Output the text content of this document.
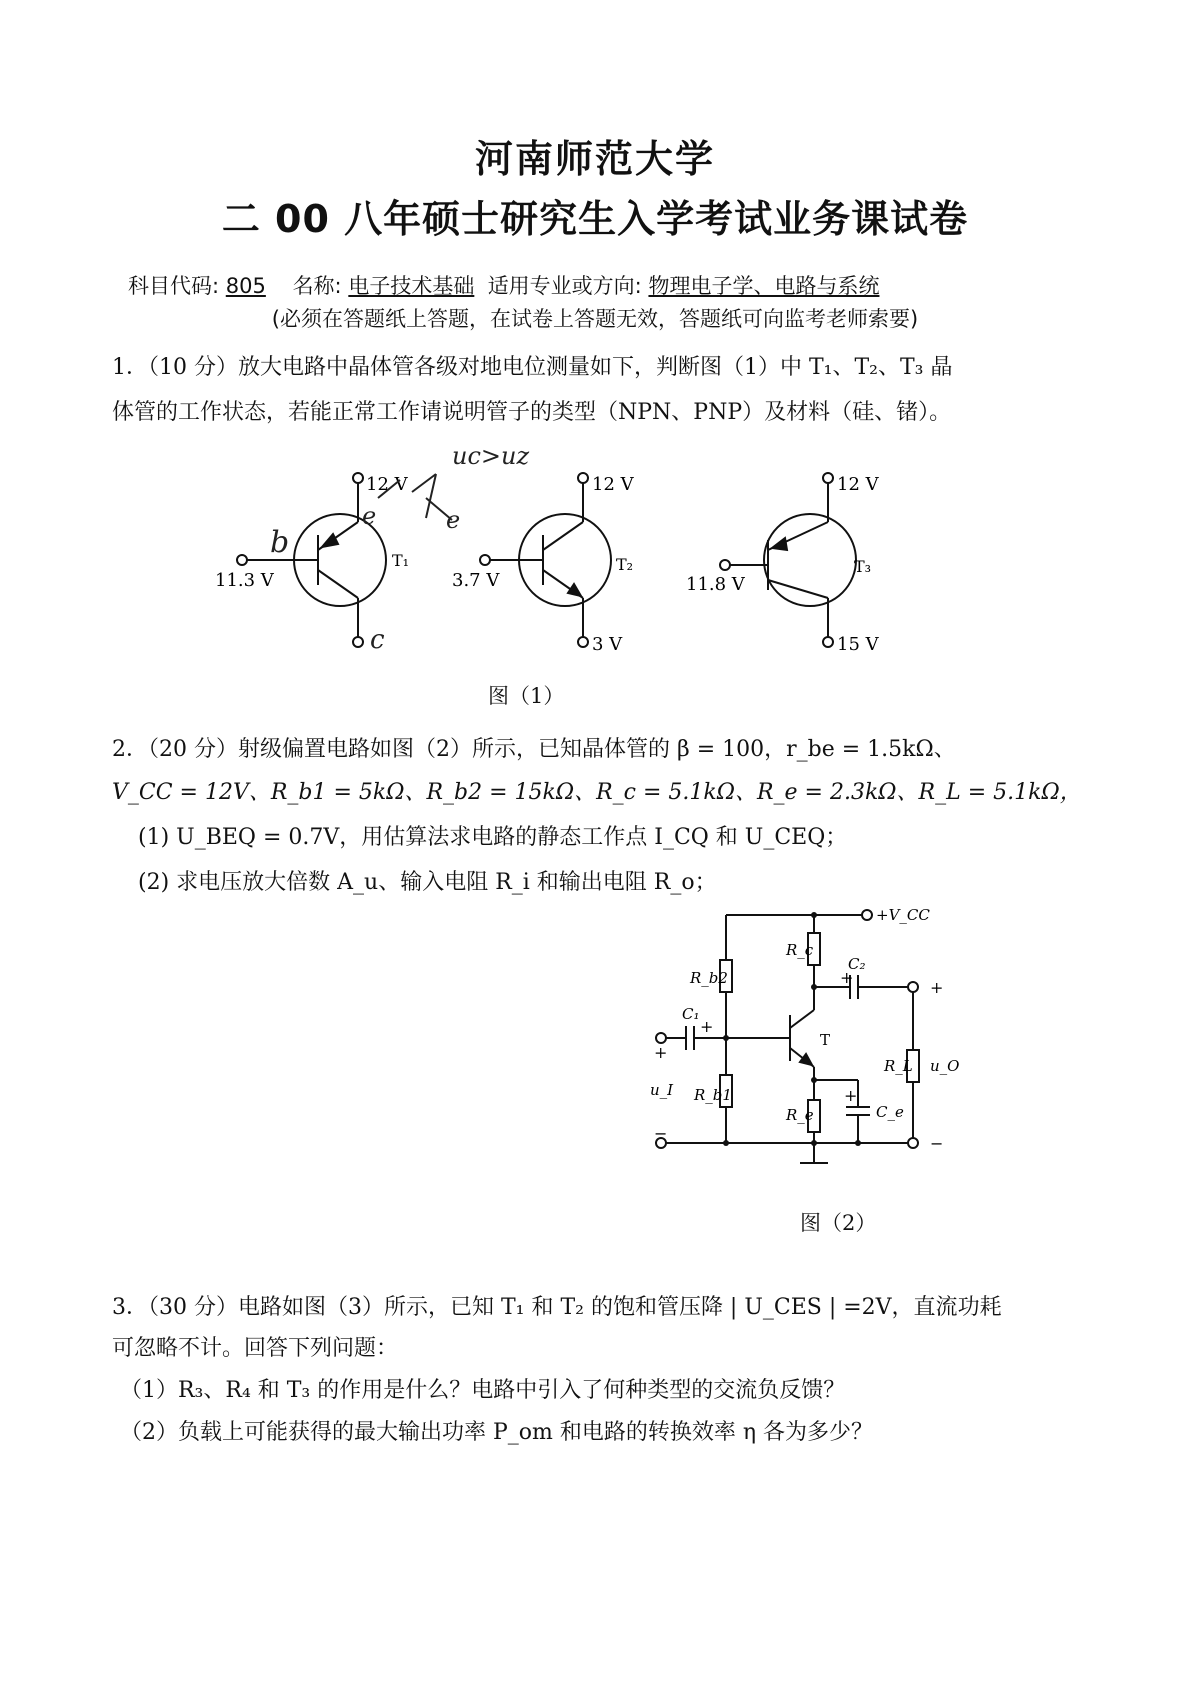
河南师范大学
二 00 八年硕士研究生入学考试业务课试卷
科目代码: 805 名称: 电子技术基础 适用专业或方向: 物理电子学、电路与系统
(必须在答题纸上答题，在试卷上答题无效，答题纸可向监考老师索要)
1．（10 分）放大电路中晶体管各级对地电位测量如下，判断图（1）中 T₁、T₂、T₃ 晶
体管的工作状态，若能正常工作请说明管子的类型（NPN、PNP）及材料（硅、锗）。
12 V
11.3 V
T₁
12 V
3.7 V
3 V
T₂
12 V
11.8 V
15 V
T₃
uc>uz
b
e
c
e
图（1）
2．（20 分）射级偏置电路如图（2）所示，已知晶体管的 β = 100，r_be = 1.5kΩ、
V_CC = 12V、R_b1 = 5kΩ、R_b2 = 15kΩ、R_c = 5.1kΩ、R_e = 2.3kΩ、R_L = 5.1kΩ，
(1) U_BEQ = 0.7V，用估算法求电路的静态工作点 I_CQ 和 U_CEQ；
(2) 求电压放大倍数 A_u、输入电阻 R_i 和输出电阻 R_o；
+V_CC
R_b2
R_b1
R_c
R_e
C₁
C₂
C_e
T
R_L
u_I
u_O
+
+
+
+
+
−
−
图（2）
3．（30 分）电路如图（3）所示，已知 T₁ 和 T₂ 的饱和管压降 | U_CES | =2V，直流功耗
可忽略不计。回答下列问题：
（1）R₃、R₄ 和 T₃ 的作用是什么？电路中引入了何种类型的交流负反馈？
（2）负载上可能获得的最大输出功率 P_om 和电路的转换效率 η 各为多少？
